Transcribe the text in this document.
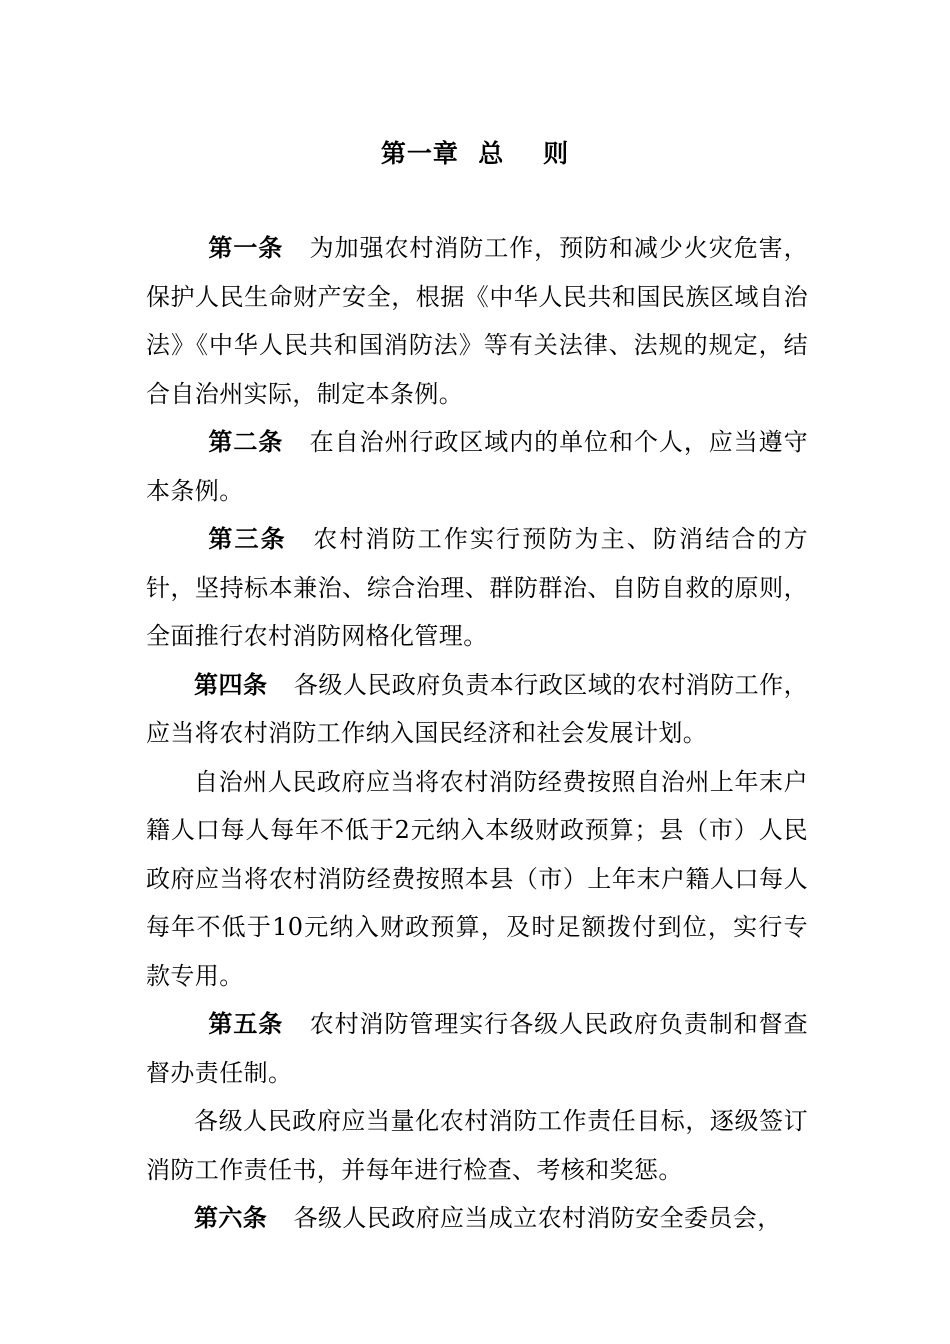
第一章  总    则

第一条 为加强农村消防工作，预防和减少火灾危害，保护人民生命财产安全，根据《中华人民共和国民族区域自治法》《中华人民共和国消防法》等有关法律、法规的规定，结合自治州实际，制定本条例。

第二条 在自治州行政区域内的单位和个人，应当遵守本条例。

第三条 农村消防工作实行预防为主、防消结合的方针，坚持标本兼治、综合治理、群防群治、自防自救的原则，全面推行农村消防网格化管理。

第四条 各级人民政府负责本行政区域的农村消防工作，应当将农村消防工作纳入国民经济和社会发展计划。

自治州人民政府应当将农村消防经费按照自治州上年末户籍人口每人每年不低于2元纳入本级财政预算；县（市）人民政府应当将农村消防经费按照本县（市）上年末户籍人口每人每年不低于10元纳入财政预算，及时足额拨付到位，实行专款专用。

第五条 农村消防管理实行各级人民政府负责制和督查督办责任制。

各级人民政府应当量化农村消防工作责任目标，逐级签订消防工作责任书，并每年进行检查、考核和奖惩。

第六条 各级人民政府应当成立农村消防安全委员会，
